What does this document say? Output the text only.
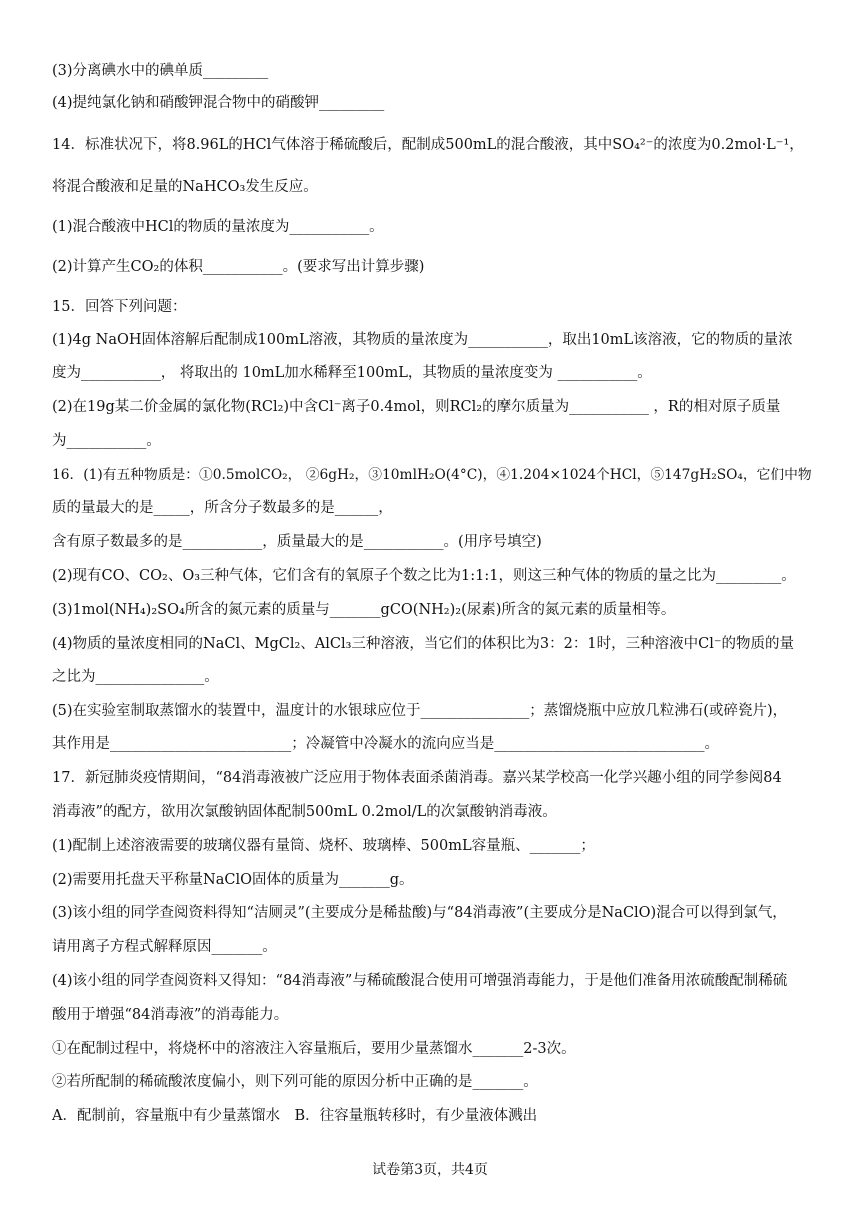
(3)分离碘水中的碘单质_________
(4)提纯氯化钠和硝酸钾混合物中的硝酸钾_________
14．标准状况下，将8.96L的HCl气体溶于稀硫酸后，配制成500mL的混合酸液，其中SO₄²⁻的浓度为0.2mol·L⁻¹，
将混合酸液和足量的NaHCO₃发生反应。
(1)混合酸液中HCl的物质的量浓度为___________。
(2)计算产生CO₂的体积___________。(要求写出计算步骤)
15．回答下列问题：
(1)4g NaOH固体溶解后配制成100mL溶液，其物质的量浓度为___________，取出10mL该溶液，它的物质的量浓
度为___________， 将取出的 10mL加水稀释至100mL，其物质的量浓度变为 ___________。
(2)在19g某二价金属的氯化物(RCl₂)中含Cl⁻离子0.4mol，则RCl₂的摩尔质量为___________ ，R的相对原子质量
为___________。
16．(1)有五种物质是：①0.5molCO₂， ②6gH₂，③10mlH₂O(4°C)，④1.204×1024个HCl，⑤147gH₂SO₄，它们中物
质的量最大的是_____，所含分子数最多的是______，
含有原子数最多的是___________，质量最大的是___________。(用序号填空)
(2)现有CO、CO₂、O₃三种气体，它们含有的氧原子个数之比为1:1:1，则这三种气体的物质的量之比为_________。
(3)1mol(NH₄)₂SO₄所含的氮元素的质量与_______gCO(NH₂)₂(尿素)所含的氮元素的质量相等。
(4)物质的量浓度相同的NaCl、MgCl₂、AlCl₃三种溶液，当它们的体积比为3：2：1时，三种溶液中Cl⁻的物质的量
之比为_______________。
(5)在实验室制取蒸馏水的装置中，温度计的水银球应位于_______________；蒸馏烧瓶中应放几粒沸石(或碎瓷片)，
其作用是_________________________；冷凝管中冷凝水的流向应当是_____________________________。
17．新冠肺炎疫情期间，“84消毒液被广泛应用于物体表面杀菌消毒。嘉兴某学校高一化学兴趣小组的同学参阅84
消毒液”的配方，欲用次氯酸钠固体配制500mL 0.2mol/L的次氯酸钠消毒液。
(1)配制上述溶液需要的玻璃仪器有量筒、烧杯、玻璃棒、500mL容量瓶、_______；
(2)需要用托盘天平称量NaClO固体的质量为_______g。
(3)该小组的同学查阅资料得知“洁厕灵”(主要成分是稀盐酸)与“84消毒液”(主要成分是NaClO)混合可以得到氯气，
请用离子方程式解释原因_______。
(4)该小组的同学查阅资料又得知：“84消毒液”与稀硫酸混合使用可增强消毒能力，于是他们准备用浓硫酸配制稀硫
酸用于增强“84消毒液”的消毒能力。
①在配制过程中，将烧杯中的溶液注入容量瓶后，要用少量蒸馏水_______2-3次。
②若所配制的稀硫酸浓度偏小，则下列可能的原因分析中正确的是_______。
A．配制前，容量瓶中有少量蒸馏水　B．往容量瓶转移时，有少量液体溅出
试卷第3页，共4页
